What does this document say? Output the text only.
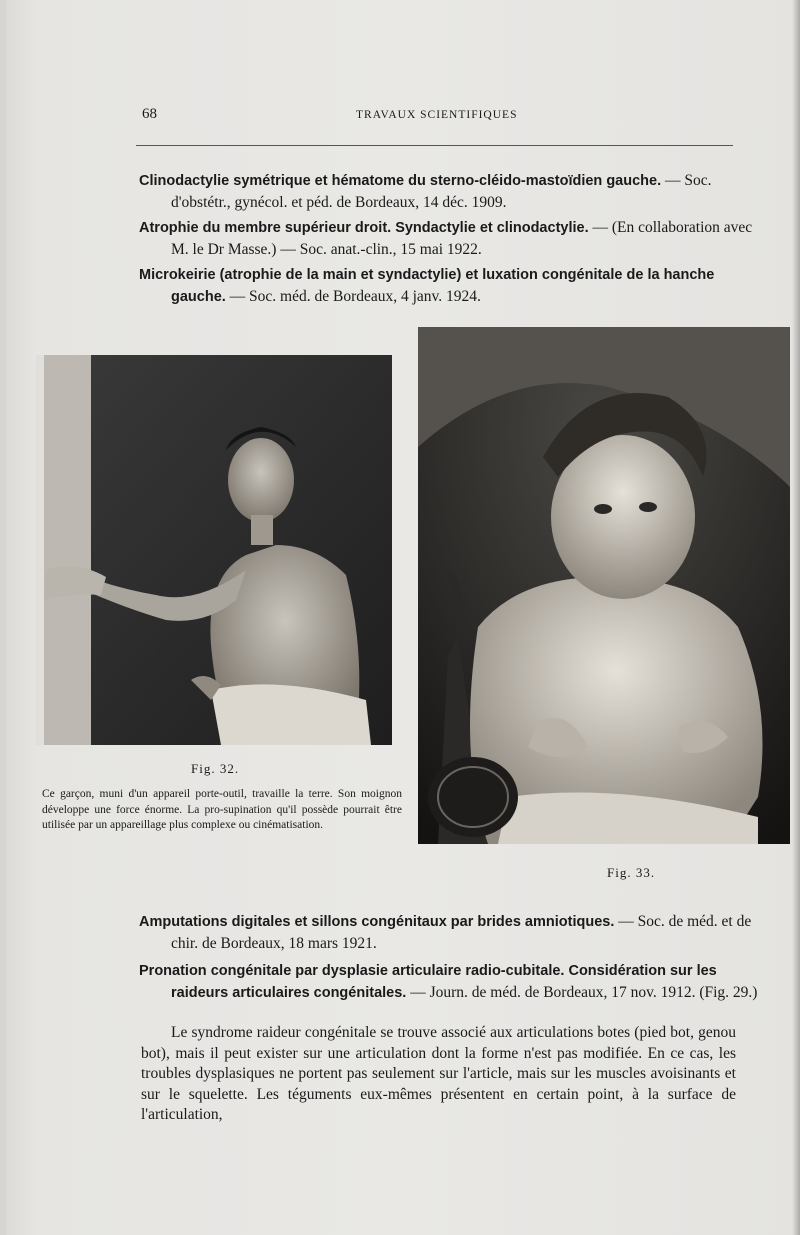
68	TRAVAUX SCIENTIFIQUES
Clinodactylie symétrique et hématome du sterno-cléido-mastoïdien gauche. — Soc. d'obstétr., gynécol. et péd. de Bordeaux, 14 déc. 1909.
Atrophie du membre supérieur droit. Syndactylie et clinodactylie. — (En collaboration avec M. le Dr Masse.) — Soc. anat.-clin., 15 mai 1922.
Microkeirie (atrophie de la main et syndactylie) et luxation congénitale de la hanche gauche. — Soc. méd. de Bordeaux, 4 janv. 1924.
Fig. 32.
Ce garçon, muni d'un appareil porte-outil, travaille la terre. Son moignon développe une force énorme. La pro-supination qu'il possède pourrait être utilisée par un appareillage plus complexe ou cinématisation.
Fig. 33.
Amputations digitales et sillons congénitaux par brides amniotiques. — Soc. de méd. et de chir. de Bordeaux, 18 mars 1921.
Pronation congénitale par dysplasie articulaire radio-cubitale. Considération sur les raideurs articulaires congénitales. — Journ. de méd. de Bordeaux, 17 nov. 1912. (Fig. 29.)
Le syndrome raideur congénitale se trouve associé aux articulations botes (pied bot, genou bot), mais il peut exister sur une articulation dont la forme n'est pas modifiée. En ce cas, les troubles dysplasiques ne portent pas seulement sur l'article, mais sur les muscles avoisinants et sur le squelette. Les téguments eux-mêmes présentent en certain point, à la surface de l'articulation,
